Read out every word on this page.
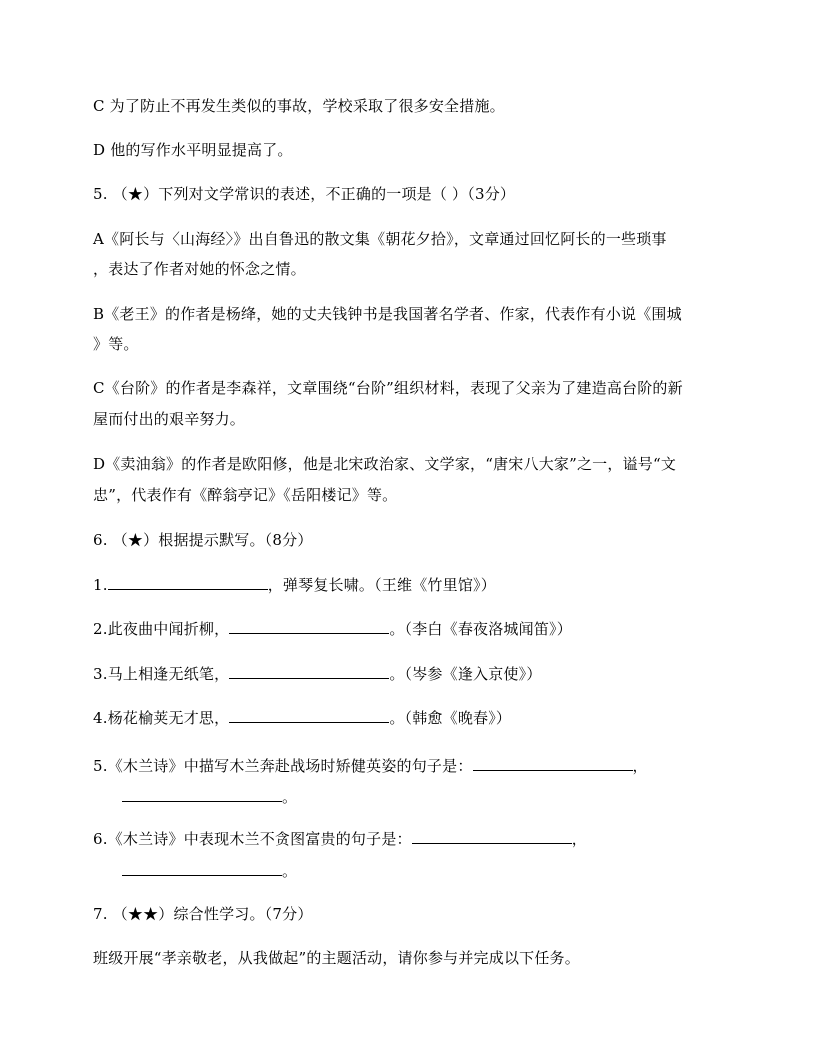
C 为了防止不再发生类似的事故，学校采取了很多安全措施。
D 他的写作水平明显提高了。
5. （★）下列对文学常识的表述，不正确的一项是（ ）（3分）
A《阿长与〈山海经〉》出自鲁迅的散文集《朝花夕拾》，文章通过回忆阿长的一些琐事
，表达了作者对她的怀念之情。
B《老王》的作者是杨绛，她的丈夫钱钟书是我国著名学者、作家，代表作有小说《围城
》等。
C《台阶》的作者是李森祥，文章围绕“台阶”组织材料，表现了父亲为了建造高台阶的新
屋而付出的艰辛努力。
D《卖油翁》的作者是欧阳修，他是北宋政治家、文学家，“唐宋八大家”之一，谥号“文
忠”，代表作有《醉翁亭记》《岳阳楼记》等。
6. （★）根据提示默写。（8分）
1.	，弹琴复长啸。（王维《竹里馆》）
2.此夜曲中闻折柳，	。（李白《春夜洛城闻笛》）
3.马上相逢无纸笔，	。（岑参《逢入京使》）
4.杨花榆荚无才思，	。（韩愈《晚春》）
5.《木兰诗》中描写木兰奔赴战场时矫健英姿的句子是：	，
。
6.《木兰诗》中表现木兰不贪图富贵的句子是：	，
。
7. （★★）综合性学习。（7分）
班级开展“孝亲敬老，从我做起”的主题活动，请你参与并完成以下任务。
